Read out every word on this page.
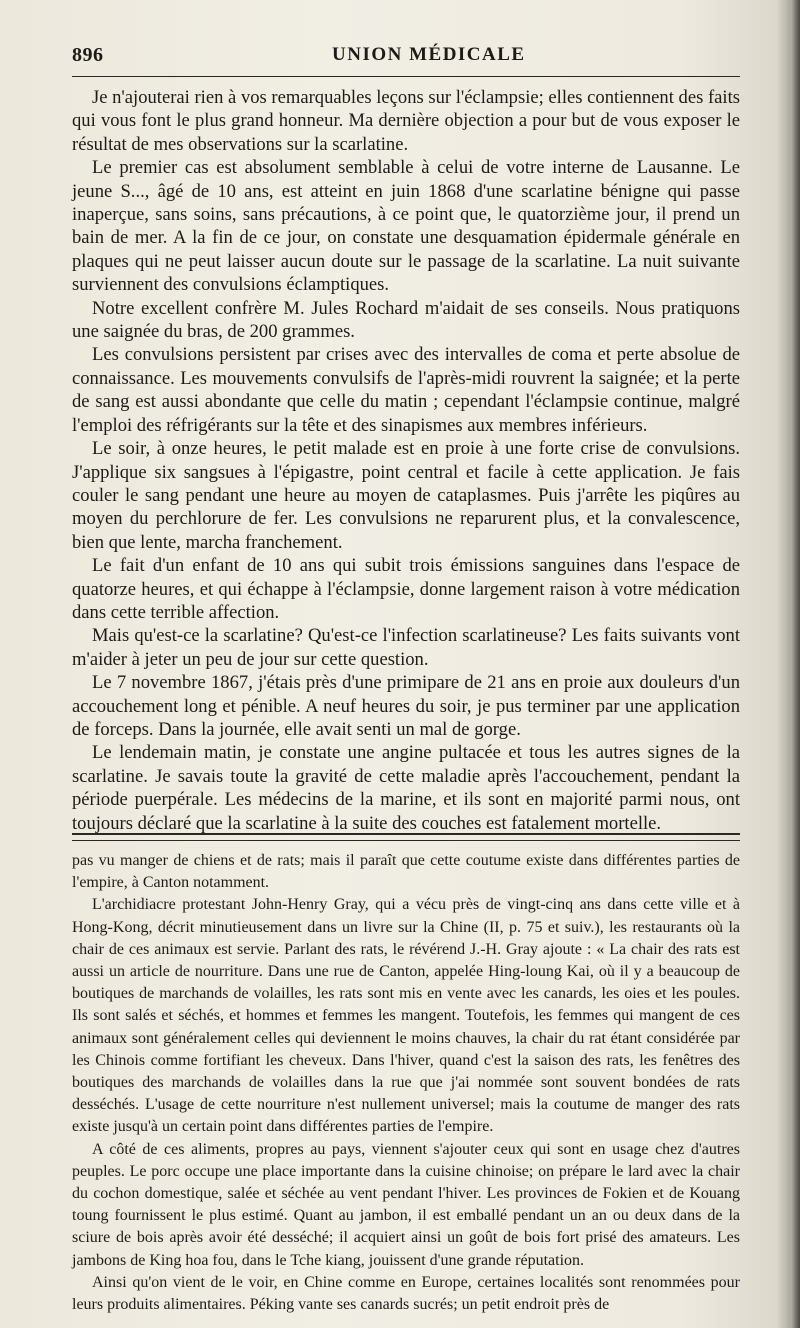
896	UNION MÉDICALE

Je n'ajouterai rien à vos remarquables leçons sur l'éclampsie; elles contiennent des faits qui vous font le plus grand honneur. Ma dernière objection a pour but de vous exposer le résultat de mes observations sur la scarlatine.

Le premier cas est absolument semblable à celui de votre interne de Lausanne. Le jeune S..., âgé de 10 ans, est atteint en juin 1868 d'une scarlatine bénigne qui passe inaperçue, sans soins, sans précautions, à ce point que, le quatorzième jour, il prend un bain de mer. A la fin de ce jour, on constate une desquamation épidermale générale en plaques qui ne peut laisser aucun doute sur le passage de la scarlatine. La nuit suivante surviennent des convulsions éclamptiques.

Notre excellent confrère M. Jules Rochard m'aidait de ses conseils. Nous pratiquons une saignée du bras, de 200 grammes.

Les convulsions persistent par crises avec des intervalles de coma et perte absolue de connaissance. Les mouvements convulsifs de l'après-midi rouvrent la saignée; et la perte de sang est aussi abondante que celle du matin ; cependant l'éclampsie continue, malgré l'emploi des réfrigérants sur la tête et des sinapismes aux membres inférieurs.

Le soir, à onze heures, le petit malade est en proie à une forte crise de convulsions. J'applique six sangsues à l'épigastre, point central et facile à cette application. Je fais couler le sang pendant une heure au moyen de cataplasmes. Puis j'arrête les piqûres au moyen du perchlorure de fer. Les convulsions ne reparurent plus, et la convalescence, bien que lente, marcha franchement.

Le fait d'un enfant de 10 ans qui subit trois émissions sanguines dans l'espace de quatorze heures, et qui échappe à l'éclampsie, donne largement raison à votre médication dans cette terrible affection.

Mais qu'est-ce la scarlatine? Qu'est-ce l'infection scarlatineuse? Les faits suivants vont m'aider à jeter un peu de jour sur cette question.

Le 7 novembre 1867, j'étais près d'une primipare de 21 ans en proie aux douleurs d'un accouchement long et pénible. A neuf heures du soir, je pus terminer par une application de forceps. Dans la journée, elle avait senti un mal de gorge.

Le lendemain matin, je constate une angine pultacée et tous les autres signes de la scarlatine. Je savais toute la gravité de cette maladie après l'accouchement, pendant la période puerpérale. Les médecins de la marine, et ils sont en majorité parmi nous, ont toujours déclaré que la scarlatine à la suite des couches est fatalement mortelle.

pas vu manger de chiens et de rats; mais il paraît que cette coutume existe dans différentes parties de l'empire, à Canton notamment.

L'archidiacre protestant John-Henry Gray, qui a vécu près de vingt-cinq ans dans cette ville et à Hong-Kong, décrit minutieusement dans un livre sur la Chine (II, p. 75 et suiv.), les restaurants où la chair de ces animaux est servie. Parlant des rats, le révérend J.-H. Gray ajoute : « La chair des rats est aussi un article de nourriture. Dans une rue de Canton, appelée Hing-loung Kai, où il y a beaucoup de boutiques de marchands de volailles, les rats sont mis en vente avec les canards, les oies et les poules. Ils sont salés et séchés, et hommes et femmes les mangent. Toutefois, les femmes qui mangent de ces animaux sont généralement celles qui deviennent le moins chauves, la chair du rat étant considérée par les Chinois comme fortifiant les cheveux. Dans l'hiver, quand c'est la saison des rats, les fenêtres des boutiques des marchands de volailles dans la rue que j'ai nommée sont souvent bondées de rats desséchés. L'usage de cette nourriture n'est nullement universel; mais la coutume de manger des rats existe jusqu'à un certain point dans différentes parties de l'empire.

A côté de ces aliments, propres au pays, viennent s'ajouter ceux qui sont en usage chez d'autres peuples. Le porc occupe une place importante dans la cuisine chinoise; on prépare le lard avec la chair du cochon domestique, salée et séchée au vent pendant l'hiver. Les provinces de Fokien et de Kouang toung fournissent le plus estimé. Quant au jambon, il est emballé pendant un an ou deux dans de la sciure de bois après avoir été desséché; il acquiert ainsi un goût de bois fort prisé des amateurs. Les jambons de King hoa fou, dans le Tche kiang, jouissent d'une grande réputation.

Ainsi qu'on vient de le voir, en Chine comme en Europe, certaines localités sont renommées pour leurs produits alimentaires. Péking vante ses canards sucrés; un petit endroit près de
